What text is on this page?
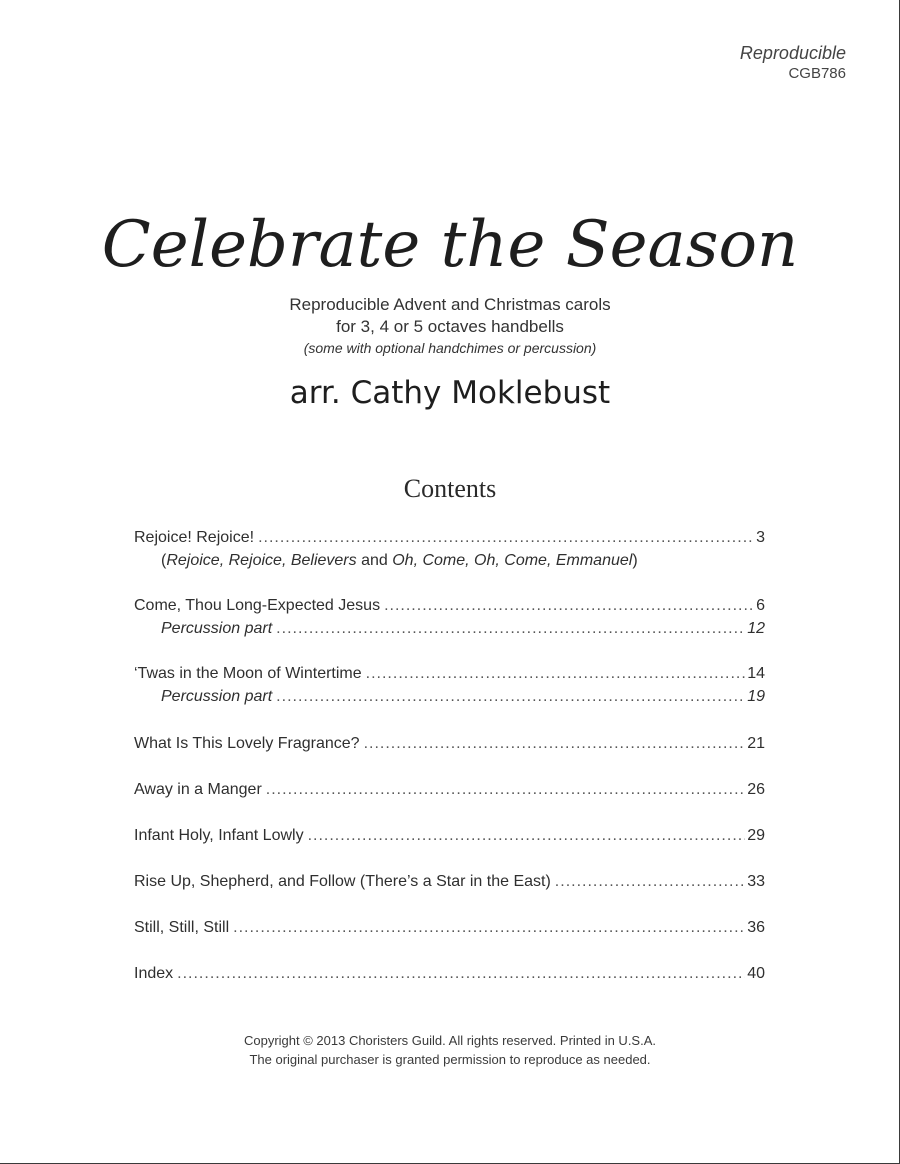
Reproducible
CGB786
Celebrate the Season
Reproducible Advent and Christmas carols
for 3, 4 or 5 octaves handbells
(some with optional handchimes or percussion)
arr. Cathy Moklebust
Contents
Rejoice! Rejoice! .....	3
(Rejoice, Rejoice, Believers and Oh, Come, Oh, Come, Emmanuel)
Come, Thou Long-Expected Jesus .....	6
Percussion part .....	12
‘Twas in the Moon of Wintertime .....	14
Percussion part .....	19
What Is This Lovely Fragrance? .....	21
Away in a Manger .....	26
Infant Holy, Infant Lowly .....	29
Rise Up, Shepherd, and Follow (There’s a Star in the East) .....	33
Still, Still, Still .....	36
Index .....	40
Copyright © 2013 Choristers Guild. All rights reserved. Printed in U.S.A.
The original purchaser is granted permission to reproduce as needed.
